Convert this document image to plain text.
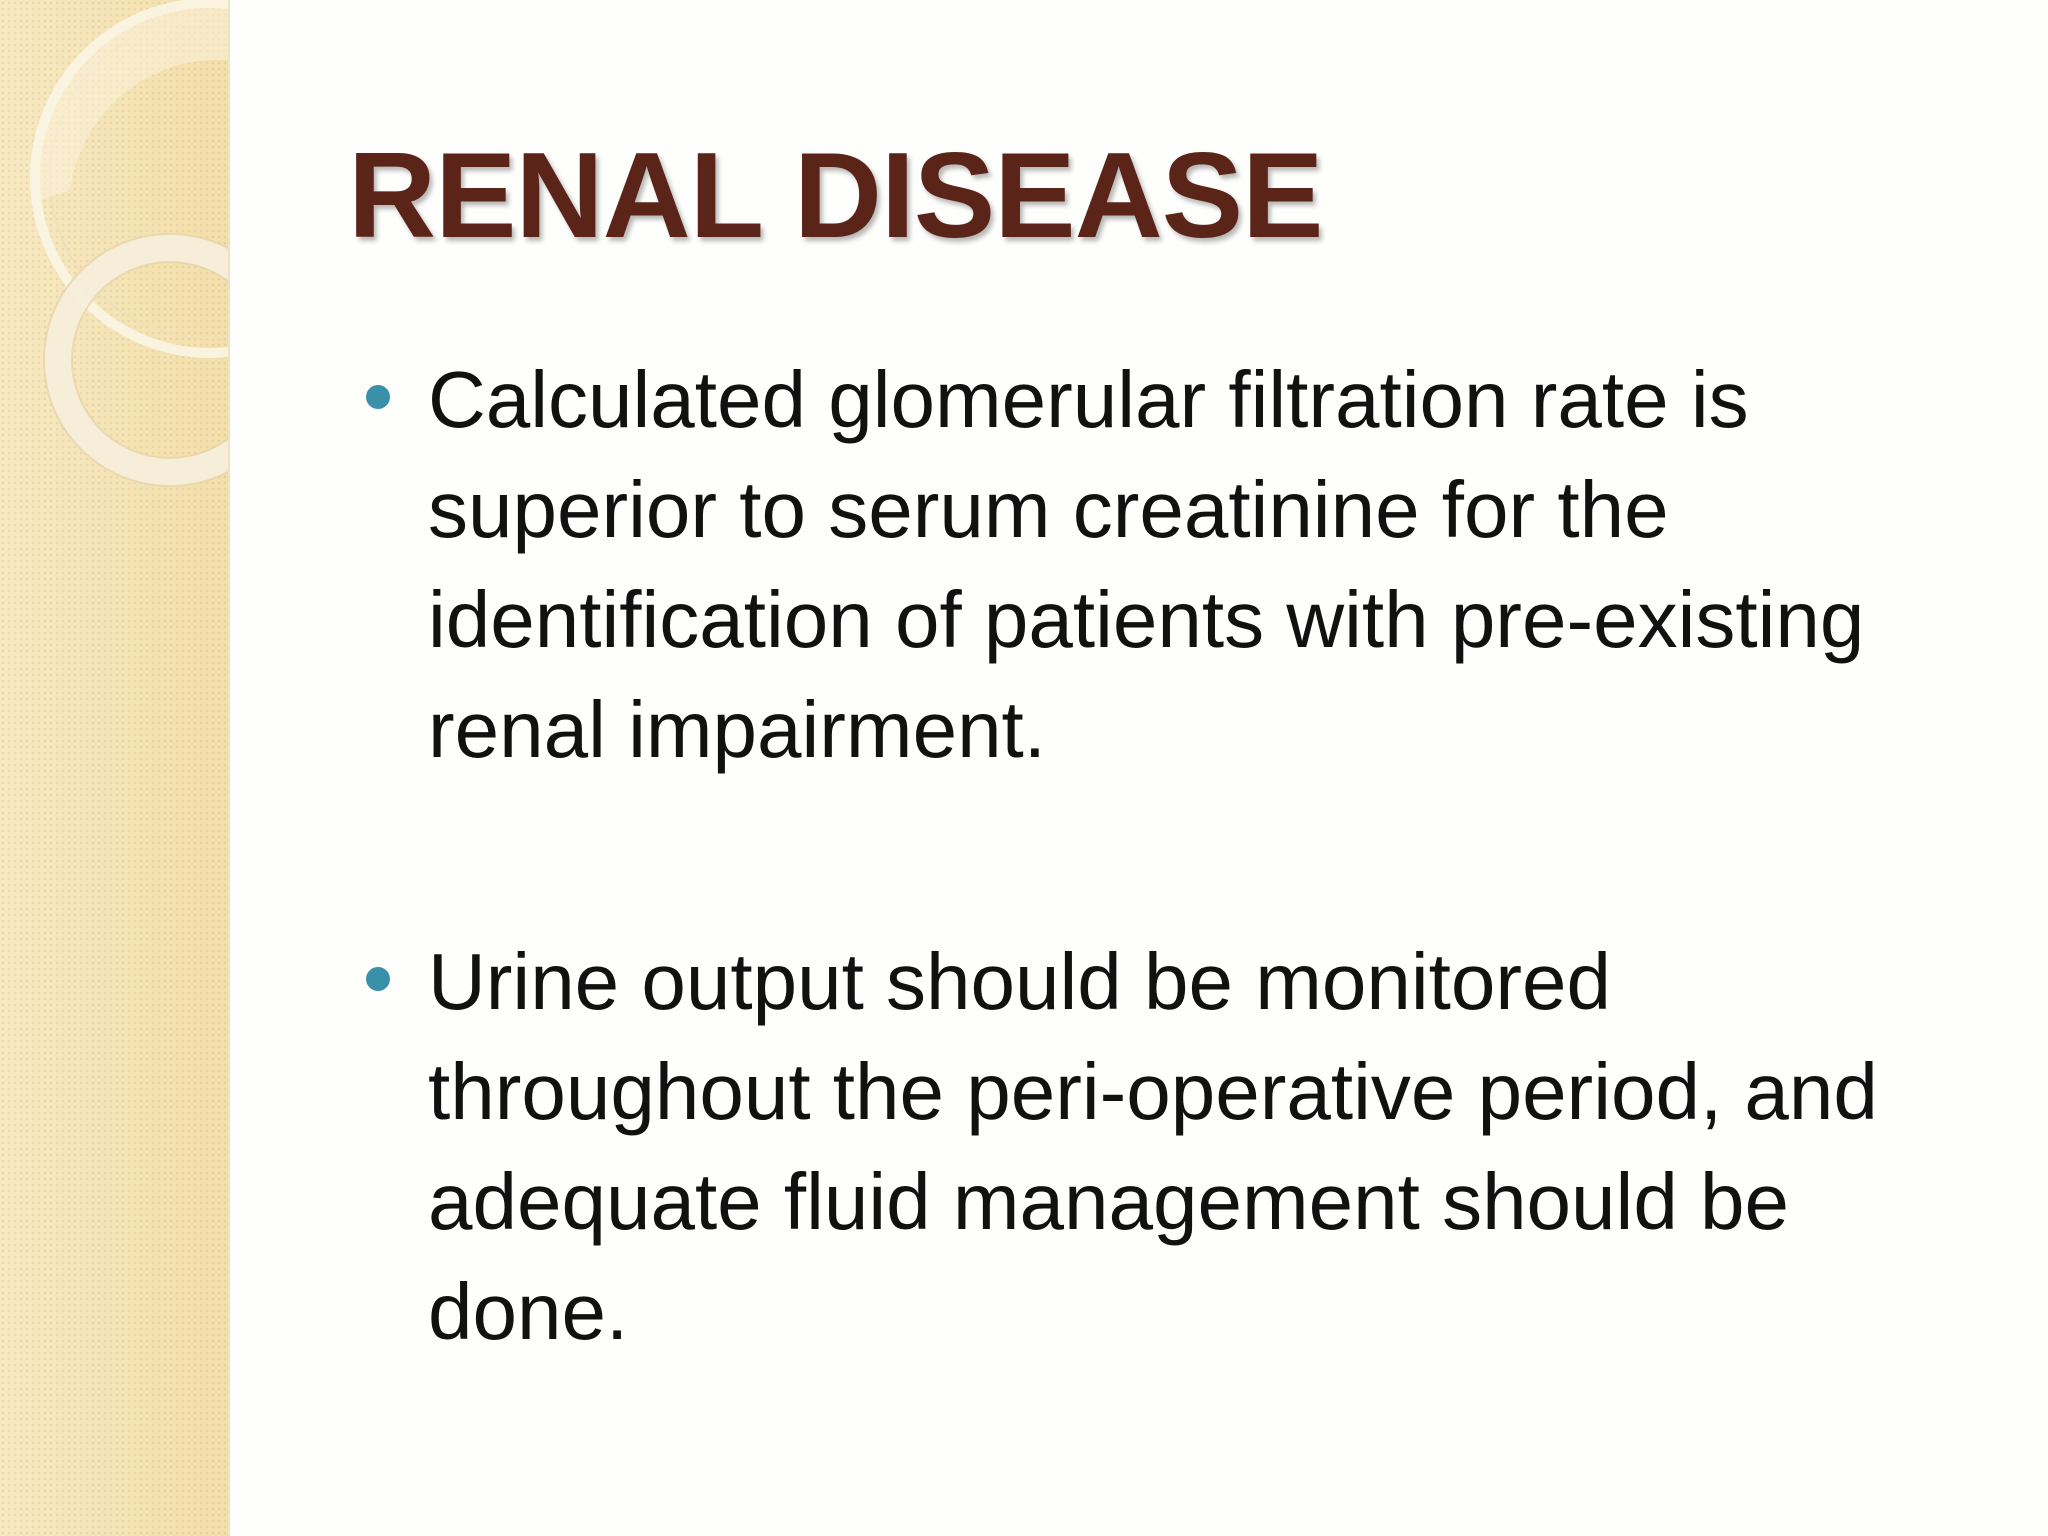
RENAL DISEASE
Calculated glomerular filtration rate is superior to serum creatinine for the identification of patients with pre-existing renal impairment.
Urine output should be monitored throughout the peri-operative period, and adequate fluid management should be done.
